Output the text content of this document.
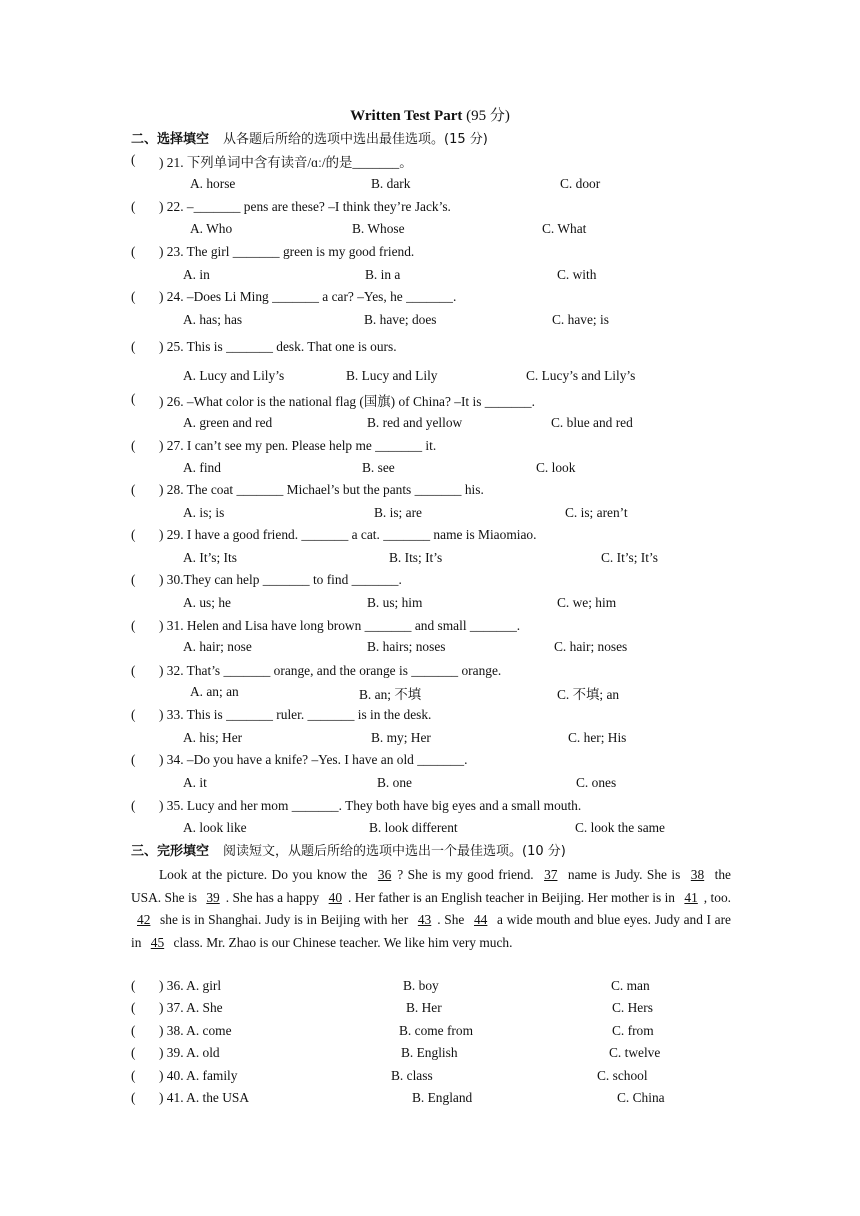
Written Test Part (95 分)
二、选择填空 从各题后所给的选项中选出最佳选项。(15 分)
( ) 21. 下列单词中含有读音/ɑː/的是_______。
A. horse	B. dark	C. door
( ) 22. –_______ pens are these? –I think they’re Jack’s.
A. Who	B. Whose	C. What
( ) 23. The girl _______ green is my good friend.
A. in	B. in a	C. with
( ) 24. –Does Li Ming _______ a car? –Yes, he _______.
A. has; has	B. have; does	C. have; is
( ) 25. This is _______ desk. That one is ours.
A. Lucy and Lily’s	B. Lucy and Lily	C. Lucy’s and Lily’s
( ) 26. –What color is the national flag (国旗) of China? –It is _______.
A. green and red	B. red and yellow	C. blue and red
( ) 27. I can’t see my pen. Please help me _______ it.
A. find	B. see	C. look
( ) 28. The coat _______ Michael’s but the pants _______ his.
A. is; is	B. is; are	C. is; aren’t
( ) 29. I have a good friend. _______ a cat. _______ name is Miaomiao.
A. It’s; Its	B. Its; It’s	C. It’s; It’s
( ) 30.They can help _______ to find _______.
A. us; he	B. us; him	C. we; him
( ) 31. Helen and Lisa have long brown _______ and small _______.
A. hair; nose	B. hairs; noses	C. hair; noses
( ) 32. That’s _______ orange, and the orange is _______ orange.
A. an; an	B. an; 不填	C. 不填; an
( ) 33. This is _______ ruler. _______ is in the desk.
A. his; Her	B. my; Her	C. her; His
( ) 34. –Do you have a knife? –Yes. I have an old _______.
A. it	B. one	C. ones
( ) 35. Lucy and her mom _______. They both have big eyes and a small mouth.
A. look like	B. look different	C. look the same
三、完形填空 阅读短文，从题后所给的选项中选出一个最佳选项。(10 分)
Look at the picture. Do you know the 36 ? She is my good friend. 37 name is Judy. She is 38 the USA. She is 39 . She has a happy 40 . Her father is an English teacher in Beijing. Her mother is in 41 , too. 42 she is in Shanghai. Judy is in Beijing with her 43 . She 44 a wide mouth and blue eyes. Judy and I are in 45 class. Mr. Zhao is our Chinese teacher. We like him very much.
( ) 36. A. girl	B. boy	C. man
( ) 37. A. She	B. Her	C. Hers
( ) 38. A. come	B. come from	C. from
( ) 39. A. old	B. English	C. twelve
( ) 40. A. family	B. class	C. school
( ) 41. A. the USA	B. England	C. China
